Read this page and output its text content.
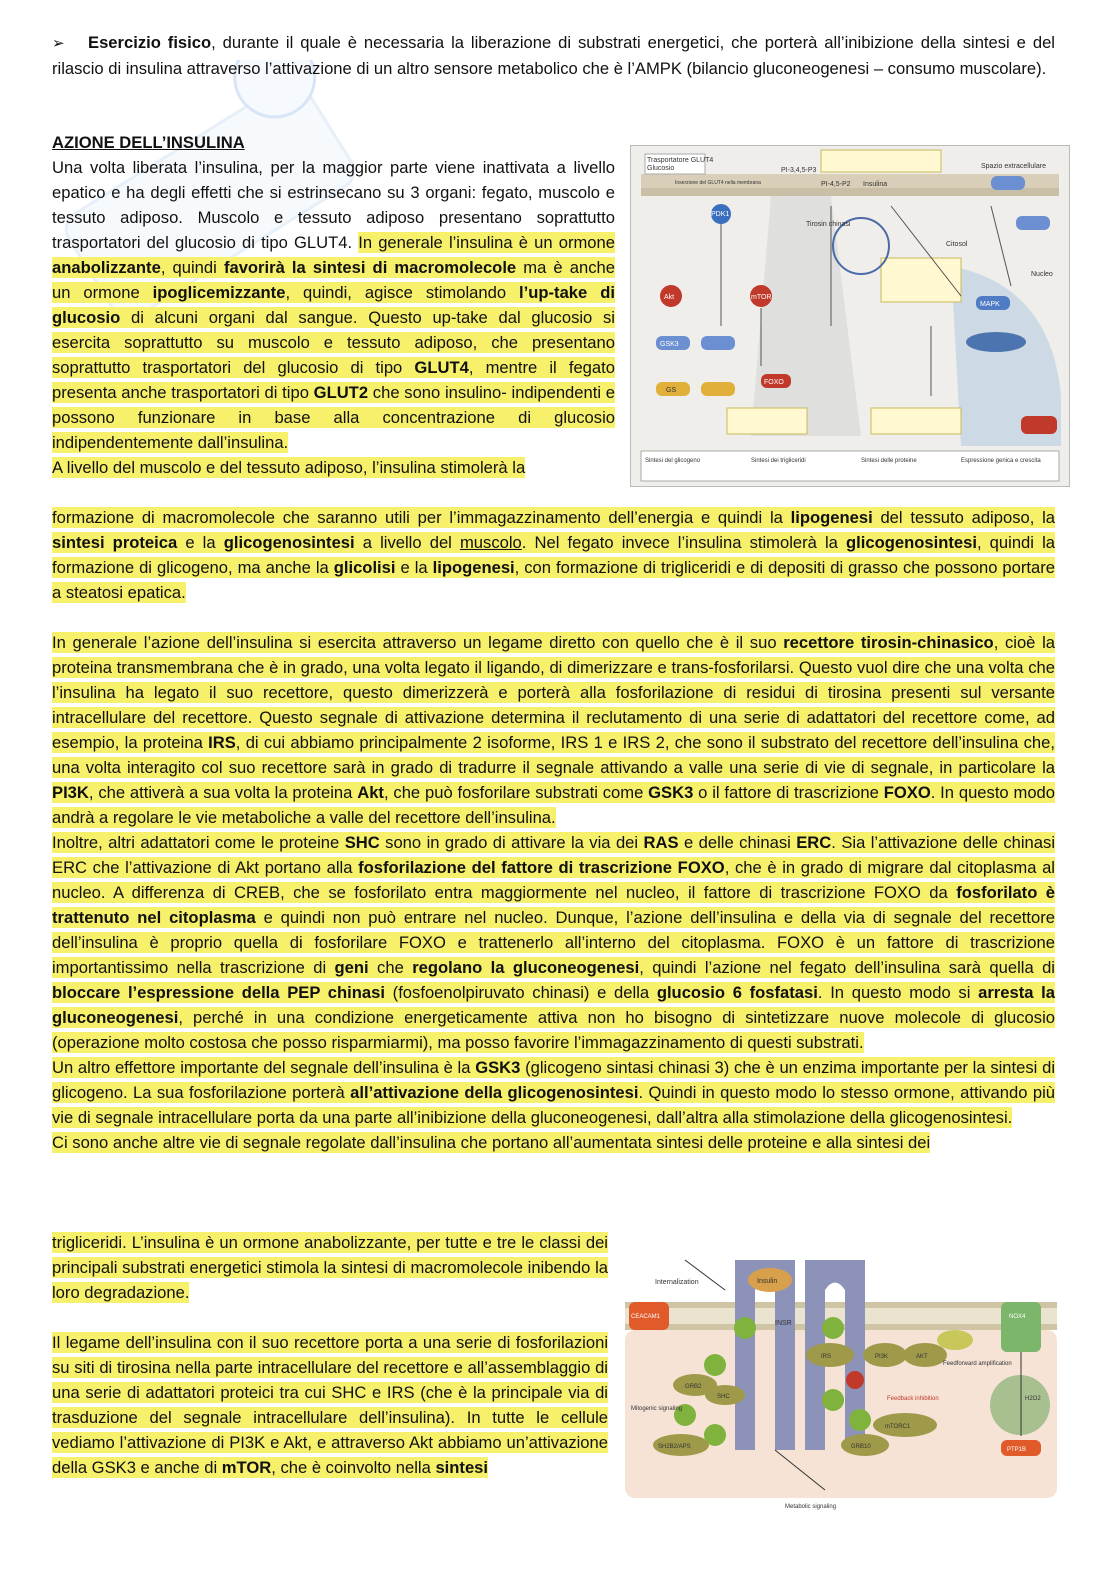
➢ Esercizio fisico, durante il quale è necessaria la liberazione di substrati energetici, che porterà all’inibizione della sintesi e del rilascio di insulina attraverso l’attivazione di un altro sensore metabolico che è l’AMPK (bilancio gluconeogenesi – consumo muscolare).

AZIONE DELL’INSULINA

Una volta liberata l’insulina, per la maggior parte viene inattivata a livello epatico e ha degli effetti che si estrinsecano su 3 organi: fegato, muscolo e tessuto adiposo. Muscolo e tessuto adiposo presentano soprattutto trasportatori del glucosio di tipo GLUT4. In generale l’insulina è un ormone anabolizzante, quindi favorirà la sintesi di macromolecole ma è anche un ormone ipoglicemizzante, quindi, agisce stimolando l’up-take di glucosio di alcuni organi dal sangue. Questo up-take dal glucosio si esercita soprattutto su muscolo e tessuto adiposo, che presentano soprattutto trasportatori del glucosio di tipo GLUT4, mentre il fegato presenta anche trasportatori di tipo GLUT2 che sono insulino- indipendenti e possono funzionare in base alla concentrazione di glucosio indipendentemente dall’insulina.

A livello del muscolo e del tessuto adiposo, l’insulina stimolerà la

Trasportatore GLUT4
Glucosio
Inserzione del GLUT4 nella membrana
PI-3,4,5-P3
PI-4,5-P2 Insulina
Spazio extracellulare
PDK1
Tirosin chinasi
Akt	mTOR
GSK3
GS
Citosol
Nucleo
FOXO
MAPK
Sintesi del glicogeno	Sintesi dei trigliceridi	Sintesi delle proteine	Espressione genica e crescita

formazione di macromolecole che saranno utili per l’immagazzinamento dell’energia e quindi la lipogenesi del tessuto adiposo, la sintesi proteica e la glicogenosintesi a livello del muscolo. Nel fegato invece l’insulina stimolerà la glicogenosintesi, quindi la formazione di glicogeno, ma anche la glicolisi e la lipogenesi, con formazione di trigliceridi e di depositi di grasso che possono portare a steatosi epatica.

In generale l’azione dell’insulina si esercita attraverso un legame diretto con quello che è il suo recettore tirosin-chinasico, cioè la proteina transmembrana che è in grado, una volta legato il ligando, di dimerizzare e trans-fosforilarsi. Questo vuol dire che una volta che l’insulina ha legato il suo recettore, questo dimerizzerà e porterà alla fosforilazione di residui di tirosina presenti sul versante intracellulare del recettore. Questo segnale di attivazione determina il reclutamento di una serie di adattatori del recettore come, ad esempio, la proteina IRS, di cui abbiamo principalmente 2 isoforme, IRS 1 e IRS 2, che sono il substrato del recettore dell’insulina che, una volta interagito col suo recettore sarà in grado di tradurre il segnale attivando a valle una serie di vie di segnale, in particolare la PI3K, che attiverà a sua volta la proteina Akt, che può fosforilare substrati come GSK3 o il fattore di trascrizione FOXO. In questo modo andrà a regolare le vie metaboliche a valle del recettore dell’insulina.

Inoltre, altri adattatori come le proteine SHC sono in grado di attivare la via dei RAS e delle chinasi ERC. Sia l’attivazione delle chinasi ERC che l’attivazione di Akt portano alla fosforilazione del fattore di trascrizione FOXO, che è in grado di migrare dal citoplasma al nucleo. A differenza di CREB, che se fosforilato entra maggiormente nel nucleo, il fattore di trascrizione FOXO da fosforilato è trattenuto nel citoplasma e quindi non può entrare nel nucleo. Dunque, l’azione dell’insulina e della via di segnale del recettore dell’insulina è proprio quella di fosforilare FOXO e trattenerlo all’interno del citoplasma. FOXO è un fattore di trascrizione importantissimo nella trascrizione di geni che regolano la gluconeogenesi, quindi l’azione nel fegato dell’insulina sarà quella di bloccare l’espressione della PEP chinasi (fosfoenolpiruvato chinasi) e della glucosio 6 fosfatasi. In questo modo si arresta la gluconeogenesi, perché in una condizione energeticamente attiva non ho bisogno di sintetizzare nuove molecole di glucosio (operazione molto costosa che posso risparmiarmi), ma posso favorire l’immagazzinamento di questi substrati.

Un altro effettore importante del segnale dell’insulina è la GSK3 (glicogeno sintasi chinasi 3) che è un enzima importante per la sintesi di glicogeno. La sua fosforilazione porterà all’attivazione della glicogenosintesi. Quindi in questo modo lo stesso ormone, attivando più vie di segnale intracellulare porta da una parte all’inibizione della gluconeogenesi, dall’altra alla stimolazione della glicogenosintesi.

Ci sono anche altre vie di segnale regolate dall’insulina che portano all’aumentata sintesi delle proteine e alla sintesi dei

trigliceridi. L’insulina è un ormone anabolizzante, per tutte e tre le classi dei principali substrati energetici stimola la sintesi di macromolecole inibendo la loro degradazione.

Il legame dell’insulina con il suo recettore porta a una serie di fosforilazioni su siti di tirosina nella parte intracellulare del recettore e all’assemblaggio di una serie di adattatori proteici tra cui SHC e IRS (che è la principale via di trasduzione del segnale intracellulare dell’insulina). In tutte le cellule vediamo l’attivazione di PI3K e Akt, e attraverso Akt abbiamo un’attivazione della GSK3 e anche di mTOR, che è coinvolto nella sintesi

Internalization	Insulin
INSR
CEACAM1
GRB2
SHC
IRS	PI3K	AKT
Feedforward amplification
NOX4
Mitogenic signaling
SH2B2/APS
mTORC1
GRB10
Feedback inhibition
PTP1B
Metabolic signaling
H2O2
